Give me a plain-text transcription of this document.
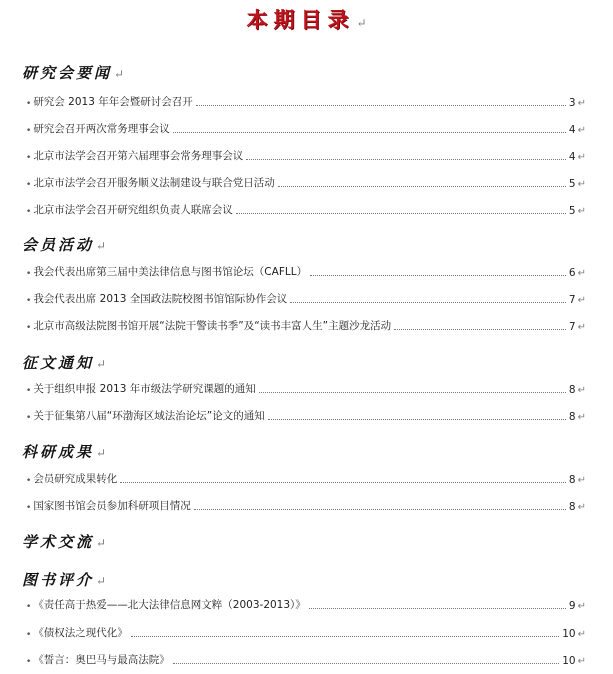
本期目录 ↵
研究会要闻 ↵
• 研究会 2013 年年会暨研讨会召开	3 ↵
• 研究会召开两次常务理事会议	4 ↵
• 北京市法学会召开第六届理事会常务理事会议	4 ↵
• 北京市法学会召开服务顺义法制建设与联合党日活动	5 ↵
• 北京市法学会召开研究组织负责人联席会议	5 ↵
会员活动 ↵
• 我会代表出席第三届中美法律信息与图书馆论坛（CAFLL）	6 ↵
• 我会代表出席 2013 全国政法院校图书馆馆际协作会议	7 ↵
• 北京市高级法院图书馆开展“法院干警读书季”及“读书丰富人生”主题沙龙活动	7 ↵
征文通知 ↵
• 关于组织申报 2013 年市级法学研究课题的通知	8 ↵
• 关于征集第八届“环渤海区域法治论坛”论文的通知	8 ↵
科研成果 ↵
• 会员研究成果转化	8 ↵
• 国家图书馆会员参加科研项目情况	8 ↵
学术交流 ↵
图书评介 ↵
• 《责任高于热爱——北大法律信息网文粹（2003-2013）》	9 ↵
• 《债权法之现代化》	10 ↵
• 《誓言：奥巴马与最高法院》	10 ↵
